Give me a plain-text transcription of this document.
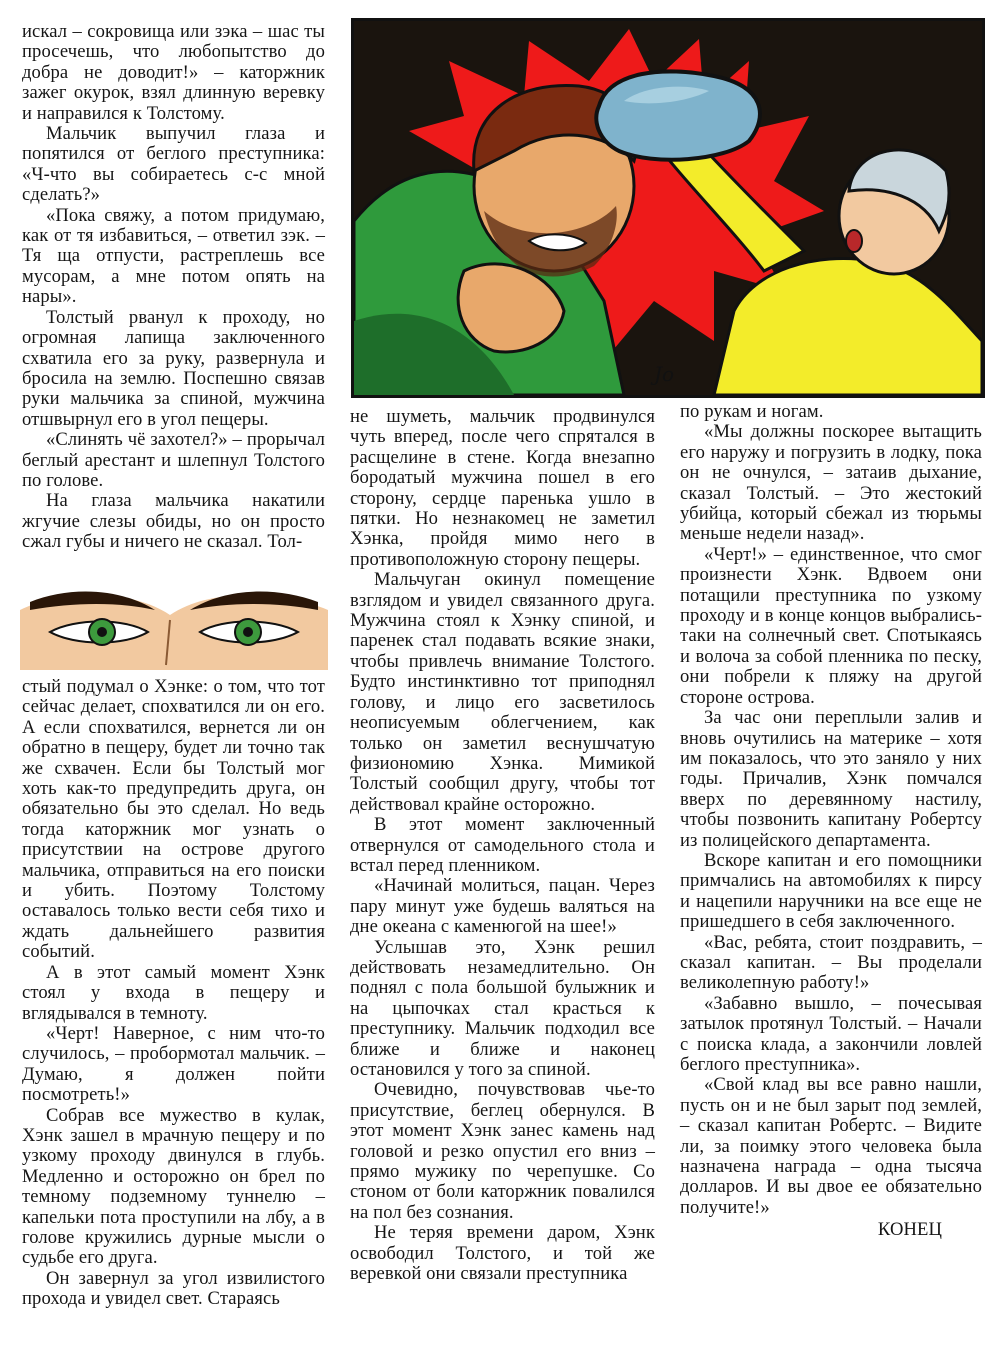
Jo

искал – сокровища или зэка – шас ты просечешь, что любопытство до добра не доводит!» – каторжник зажег окурок, взял длинную веревку и направился к Толстому.

Мальчик выпучил глаза и попятился от беглого преступника: «Ч-что вы собираетесь с-с мной сделать?»

«Пока свяжу, а потом придумаю, как от тя избавиться, – ответил зэк. – Тя ща отпусти, растреплешь все мусорам, а мне потом опять на нары».

Толстый рванул к проходу, но огромная лапища заключенного схватила его за руку, развернула и бросила на землю. Поспешно связав руки мальчика за спиной, мужчина отшвырнул его в угол пещеры.

«Слинять чё захотел?» – прорычал беглый арестант и шлепнул Толстого по голове.

На глаза мальчика накатили жгучие слезы обиды, но он просто сжал губы и ничего не сказал. Тол-

стый подумал о Хэнке: о том, что тот сейчас делает, спохватился ли он его. А если спохватился, вернется ли он обратно в пещеру, будет ли точно так же схвачен. Если бы Толстый мог хоть как-то предупредить друга, он обязательно бы это сделал. Но ведь тогда каторжник мог узнать о присутствии на острове другого мальчика, отправиться на его поиски и убить. Поэтому Толстому оставалось только вести себя тихо и ждать дальнейшего развития событий.

А в этот самый момент Хэнк стоял у входа в пещеру и вглядывался в темноту.

«Черт! Наверное, с ним что-то случилось, – пробормотал мальчик. – Думаю, я должен пойти посмотреть!»

Собрав все мужество в кулак, Хэнк зашел в мрачную пещеру и по узкому проходу двинулся в глубь. Медленно и осторожно он брел по темному подземному туннелю – капельки пота проступили на лбу, а в голове кружились дурные мысли о судьбе его друга.

Он завернул за угол извилистого прохода и увидел свет. Стараясь

не шуметь, мальчик продвинулся чуть вперед, после чего спрятался в расщелине в стене. Когда внезапно бородатый мужчина пошел в его сторону, сердце паренька ушло в пятки. Но незнакомец не заметил Хэнка, пройдя мимо него в противоположную сторону пещеры.

Мальчуган окинул помещение взглядом и увидел связанного друга. Мужчина стоял к Хэнку спиной, и паренек стал подавать всякие знаки, чтобы привлечь внимание Толстого. Будто инстинктивно тот приподнял голову, и лицо его засветилось неописуемым облегчением, как только он заметил веснушчатую физиономию Хэнка. Мимикой Толстый сообщил другу, чтобы тот действовал крайне осторожно.

В этот момент заключенный отвернулся от самодельного стола и встал перед пленником.

«Начинай молиться, пацан. Через пару минут уже будешь валяться на дне океана с каменюгой на шее!»

Услышав это, Хэнк решил действовать незамедлительно. Он поднял с пола большой булыжник и на цыпочках стал красться к преступнику. Мальчик подходил все ближе и ближе и наконец остановился у того за спиной.

Очевидно, почувствовав чье-то присутствие, беглец обернулся. В этот момент Хэнк занес камень над головой и резко опустил его вниз – прямо мужику по черепушке. Со стоном от боли каторжник повалился на пол без сознания.

Не теряя времени даром, Хэнк освободил Толстого, и той же веревкой они связали преступника

по рукам и ногам.

«Мы должны поскорее вытащить его наружу и погрузить в лодку, пока он не очнулся, – затаив дыхание, сказал Толстый. – Это жестокий убийца, который сбежал из тюрьмы меньше недели назад».

«Черт!» – единственное, что смог произнести Хэнк. Вдвоем они потащили преступника по узкому проходу и в конце концов выбрались-таки на солнечный свет. Спотыкаясь и волоча за собой пленника по песку, они побрели к пляжу на другой стороне острова.

За час они переплыли залив и вновь очутились на материке – хотя им показалось, что это заняло у них годы. Причалив, Хэнк помчался вверх по деревянному настилу, чтобы позвонить капитану Робертсу из полицейского департамента.

Вскоре капитан и его помощники примчались на автомобилях к пирсу и нацепили наручники на все еще не пришедшего в себя заключенного.

«Вас, ребята, стоит поздравить, – сказал капитан. – Вы проделали великолепную работу!»

«Забавно вышло, – почесывая затылок протянул Толстый. – Начали с поиска клада, а закончили ловлей беглого преступника».

«Свой клад вы все равно нашли, пусть он и не был зарыт под землей, – сказал капитан Робертс. – Видите ли, за поимку этого человека была назначена награда – одна тысяча долларов. И вы двое ее обязательно получите!»

КОНЕЦ
